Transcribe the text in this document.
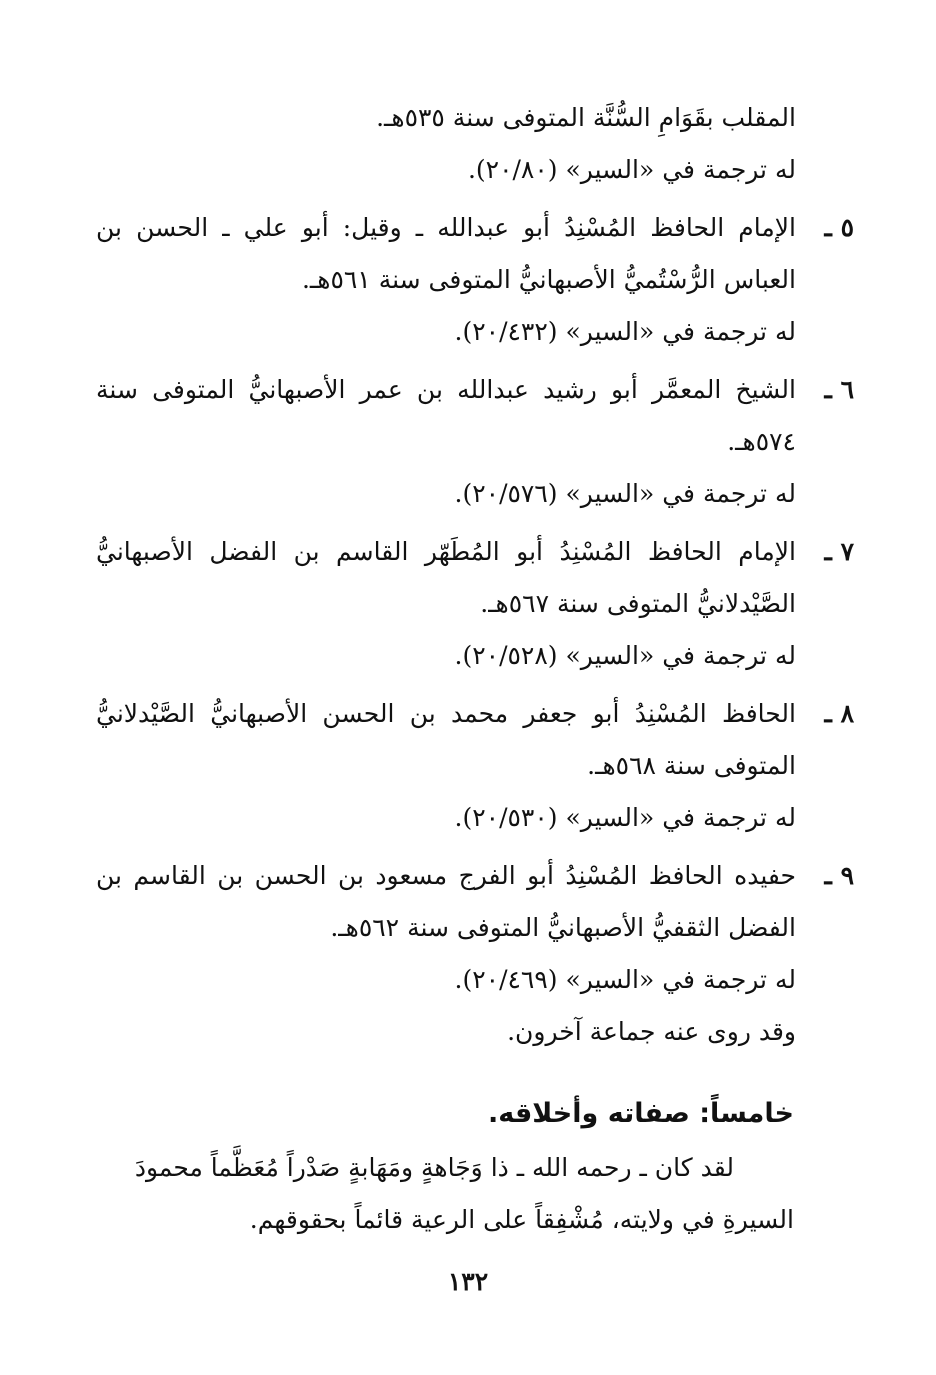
المقلب بقَوَامِ السُّنَّة المتوفى سنة ٥٣٥هـ.
له ترجمة في «السير» (٢٠/٨٠).
٥ ـ
الإمام الحافظ المُسْنِدُ أبو عبدالله ـ وقيل: أبو علي ـ الحسن بن العباس الرُّسْتُميُّ الأصبهانيُّ المتوفى سنة ٥٦١هـ.
له ترجمة في «السير» (٢٠/٤٣٢).
٦ ـ
الشيخ المعمَّر أبو رشيد عبدالله بن عمر الأصبهانيُّ المتوفى سنة ٥٧٤هـ.
له ترجمة في «السير» (٢٠/٥٧٦).
٧ ـ
الإمام الحافظ المُسْنِدُ أبو المُطَهّر القاسم بن الفضل الأصبهانيُّ الصَّيْدلانيُّ المتوفى سنة ٥٦٧هـ.
له ترجمة في «السير» (٢٠/٥٢٨).
٨ ـ
الحافظ المُسْنِدُ أبو جعفر محمد بن الحسن الأصبهانيُّ الصَّيْدلانيُّ المتوفى سنة ٥٦٨هـ.
له ترجمة في «السير» (٢٠/٥٣٠).
٩ ـ
حفيده الحافظ المُسْنِدُ أبو الفرج مسعود بن الحسن بن القاسم بن الفضل الثقفيُّ الأصبهانيُّ المتوفى سنة ٥٦٢هـ.
له ترجمة في «السير» (٢٠/٤٦٩).
وقد روى عنه جماعة آخرون.
خامساً: صفاته وأخلاقه.
لقد كان ـ رحمه الله ـ ذا وَجَاهةٍ ومَهَابةٍ صَدْراً مُعَظَّماً محمودَ السيرةِ في ولايته، مُشْفِقاً على الرعية قائماً بحقوقهم.
١٣٢
